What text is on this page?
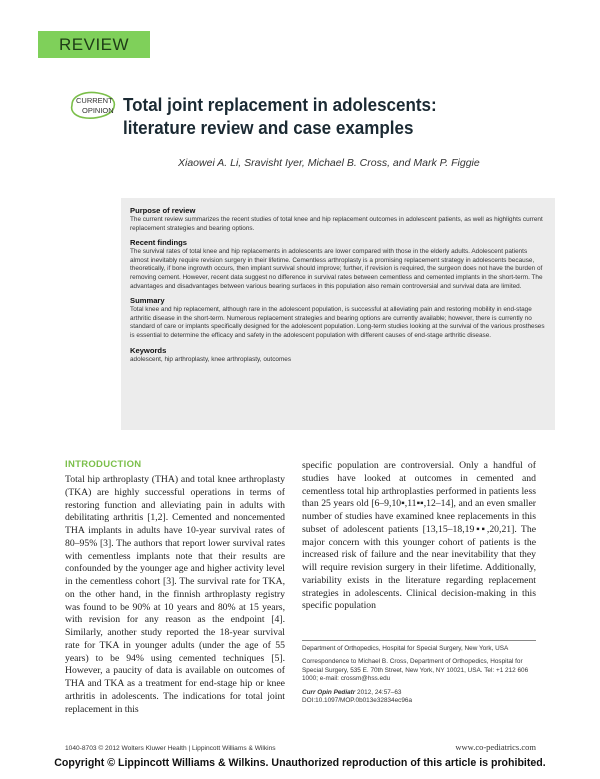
REVIEW
CURRENT
OPINION Total joint replacement in adolescents: literature review and case examples
Xiaowei A. Li, Sravisht Iyer, Michael B. Cross, and Mark P. Figgie
Purpose of review

The current review summarizes the recent studies of total knee and hip replacement outcomes in adolescent patients, as well as highlights current replacement strategies and bearing options.

Recent findings

The survival rates of total knee and hip replacements in adolescents are lower compared with those in the elderly adults. Adolescent patients almost inevitably require revision surgery in their lifetime. Cementless arthroplasty is a promising replacement strategy in adolescents because, theoretically, if bone ingrowth occurs, then implant survival should improve; further, if revision is required, the surgeon does not have the burden of removing cement. However, recent data suggest no difference in survival rates between cementless and cemented implants in the short-term. The advantages and disadvantages between various bearing surfaces in this population also remain controversial and survival data are limited.

Summary

Total knee and hip replacement, although rare in the adolescent population, is successful at alleviating pain and restoring mobility in end-stage arthritic disease in the short-term. Numerous replacement strategies and bearing options are currently available; however, there is currently no standard of care or implants specifically designed for the adolescent population. Long-term studies looking at the survival of the various prostheses is essential to determine the efficacy and safety in the adolescent population with different causes of end-stage arthritic disease.

Keywords

adolescent, hip arthroplasty, knee arthroplasty, outcomes

INTRODUCTION
Total hip arthroplasty (THA) and total knee arthroplasty (TKA) are highly successful operations in terms of restoring function and alleviating pain in adults with debilitating arthritis [1,2]. Cemented and noncemented THA implants in adults have 10-year survival rates of 80–95% [3]. The authors that report lower survival rates with cementless implants note that their results are confounded by the younger age and higher activity level in the cementless cohort [3]. The survival rate for TKA, on the other hand, in the finnish arthroplasty registry was found to be 90% at 10 years and 80% at 15 years, with revision for any reason as the endpoint [4]. Similarly, another study reported the 18-year survival rate for TKA in younger adults (under the age of 55 years) to be 94% using cemented techniques [5]. However, a paucity of data is available on outcomes of THA and TKA as a treatment for end-stage hip or knee arthritis in adolescents. The indications for total joint replacement in this
specific population are controversial. Only a handful of studies have looked at outcomes in cemented and cementless total hip arthroplasties performed in patients less than 25 years old [6–9,10▪,11▪▪,12–14], and an even smaller number of studies have examined knee replacements in this subset of adolescent patients [13,15–18,19▪▪,20,21]. The major concern with this younger cohort of patients is the increased risk of failure and the near inevitability that they will require revision surgery in their lifetime. Additionally, variability exists in the literature regarding replacement strategies in adolescents. Clinical decision-making in this specific population

Department of Orthopedics, Hospital for Special Surgery, New York, USA

Correspondence to Michael B. Cross, Department of Orthopedics, Hospital for Special Surgery, 535 E. 70th Street, New York, NY 10021, USA. Tel: +1 212 606 1000; e-mail: crossm@hss.edu

Curr Opin Pediatr 2012, 24:57–63

DOI:10.1097/MOP.0b013e32834ec96a

1040-8703 © 2012 Wolters Kluwer Health | Lippincott Williams & Wilkins	www.co-pediatrics.com
Copyright © Lippincott Williams & Wilkins. Unauthorized reproduction of this article is prohibited.
